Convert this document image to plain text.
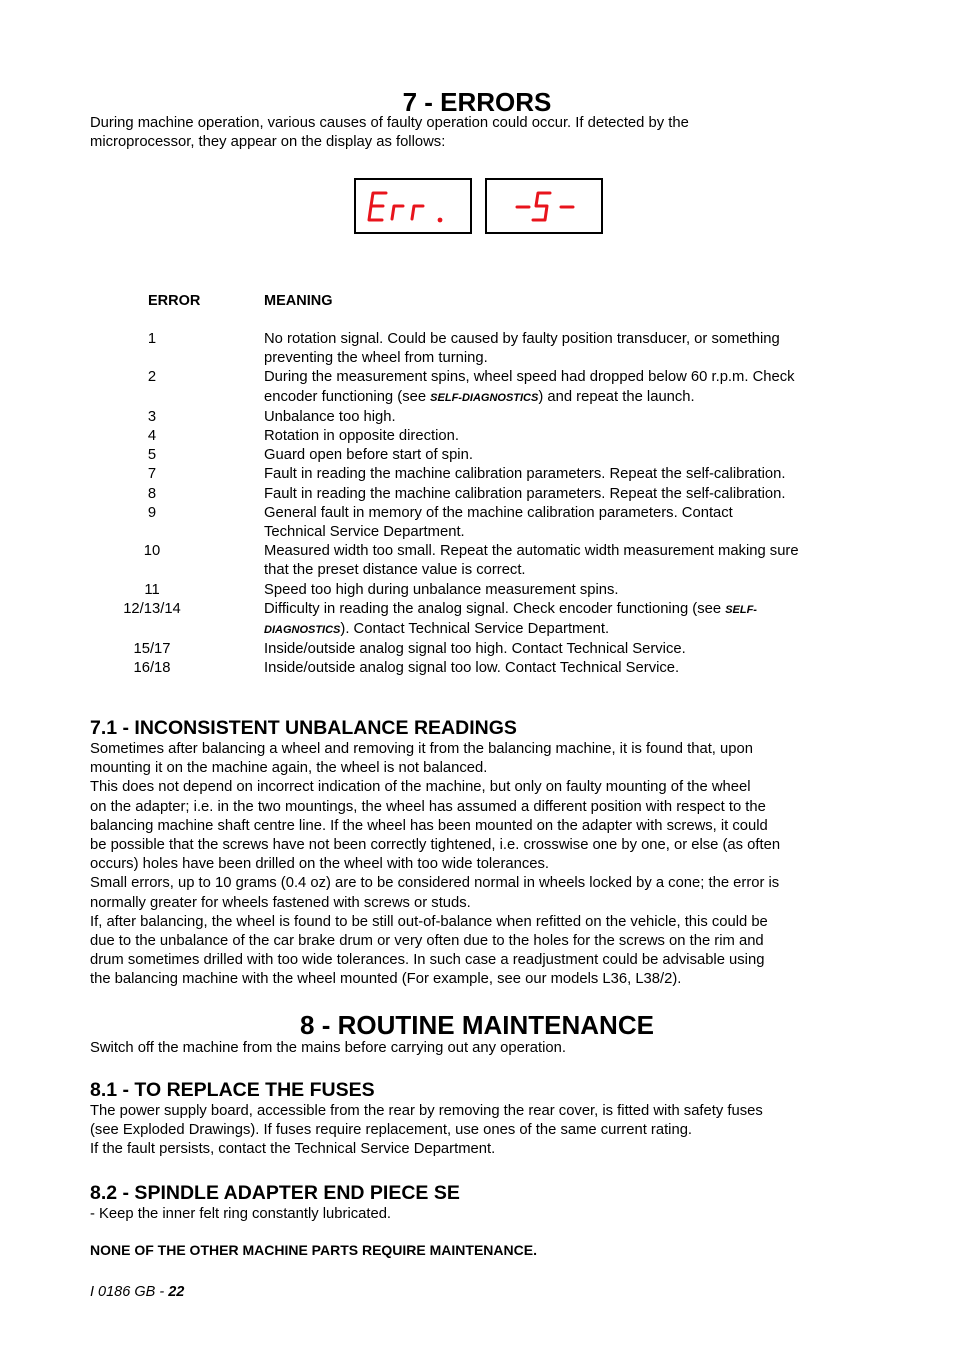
7 - ERRORS
During machine operation, various causes of faulty operation could occur. If detected by the
microprocessor, they appear on the display as follows:
ERROR	MEANING
1	No rotation signal. Could be caused by faulty position transducer, or something
preventing the wheel from turning.
2	During the measurement spins, wheel speed had dropped below 60 r.p.m. Check
encoder functioning (see SELF-DIAGNOSTICS) and repeat the launch.
3	Unbalance too high.
4	Rotation in opposite direction.
5	Guard open before start of spin.
7	Fault in reading the machine calibration parameters. Repeat the self-calibration.
8	Fault in reading the machine calibration parameters. Repeat the self-calibration.
9	General fault in memory of the machine calibration parameters. Contact
Technical Service Department.
10	Measured width too small. Repeat the automatic width measurement making sure
that the preset distance value is correct.
11	Speed too high during unbalance measurement spins.
12/13/14	Difficulty in reading the analog signal. Check encoder functioning (see SELF-
DIAGNOSTICS). Contact Technical Service Department.
15/17	Inside/outside analog signal too high. Contact Technical Service.
16/18	Inside/outside analog signal too low. Contact Technical Service.
7.1 - INCONSISTENT UNBALANCE READINGS
Sometimes after balancing a wheel and removing it from the balancing machine, it is found that, upon
mounting it on the machine again, the wheel is not balanced.
This does not depend on incorrect indication of the machine, but only on faulty mounting of the wheel
on the adapter; i.e. in the two mountings, the wheel has assumed a different position with respect to the
balancing machine shaft centre line. If the wheel has been mounted on the adapter with screws, it could
be possible that the screws have not been correctly tightened, i.e. crosswise one by one, or else (as often
occurs) holes have been drilled on the wheel with too wide tolerances.
Small errors, up to 10 grams (0.4 oz) are to be considered normal in wheels locked by a cone; the error is
normally greater for wheels fastened with screws or studs.
If, after balancing, the wheel is found to be still out-of-balance when refitted on the vehicle, this could be
due to the unbalance of the car brake drum or very often due to the holes for the screws on the rim and
drum sometimes drilled with too wide tolerances. In such case a readjustment could be advisable using
the balancing machine with the wheel mounted (For example, see our models L36, L38/2).
8 - ROUTINE MAINTENANCE
Switch off the machine from the mains before carrying out any operation.
8.1 - TO REPLACE THE FUSES
The power supply board, accessible from the rear by removing the rear cover, is fitted with safety fuses
(see Exploded Drawings). If fuses require replacement, use ones of the same current rating.
If the fault persists, contact the Technical Service Department.
8.2 - SPINDLE ADAPTER END PIECE SE
- Keep the inner felt ring constantly lubricated.
NONE OF THE OTHER MACHINE PARTS REQUIRE MAINTENANCE.
I 0186 GB - 22
